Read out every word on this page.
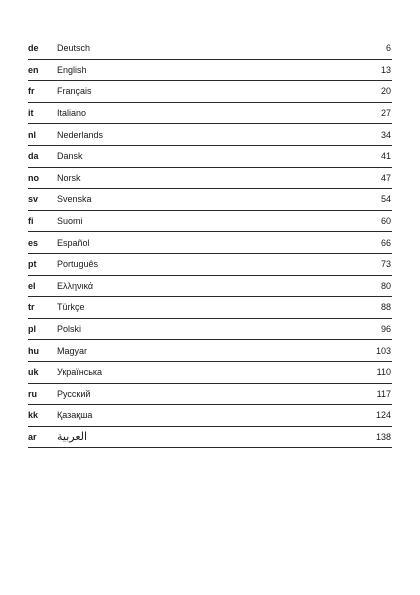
de	Deutsch	6
en	English	13
fr	Français	20
it	Italiano	27
nl	Nederlands	34
da	Dansk	41
no	Norsk	47
sv	Svenska	54
fi	Suomi	60
es	Español	66
pt	Português	73
el	Ελληνικά	80
tr	Türkçe	88
pl	Polski	96
hu	Magyar	103
uk	Українська	110
ru	Русский	117
kk	Қазақша	124
ar	العربية	138
